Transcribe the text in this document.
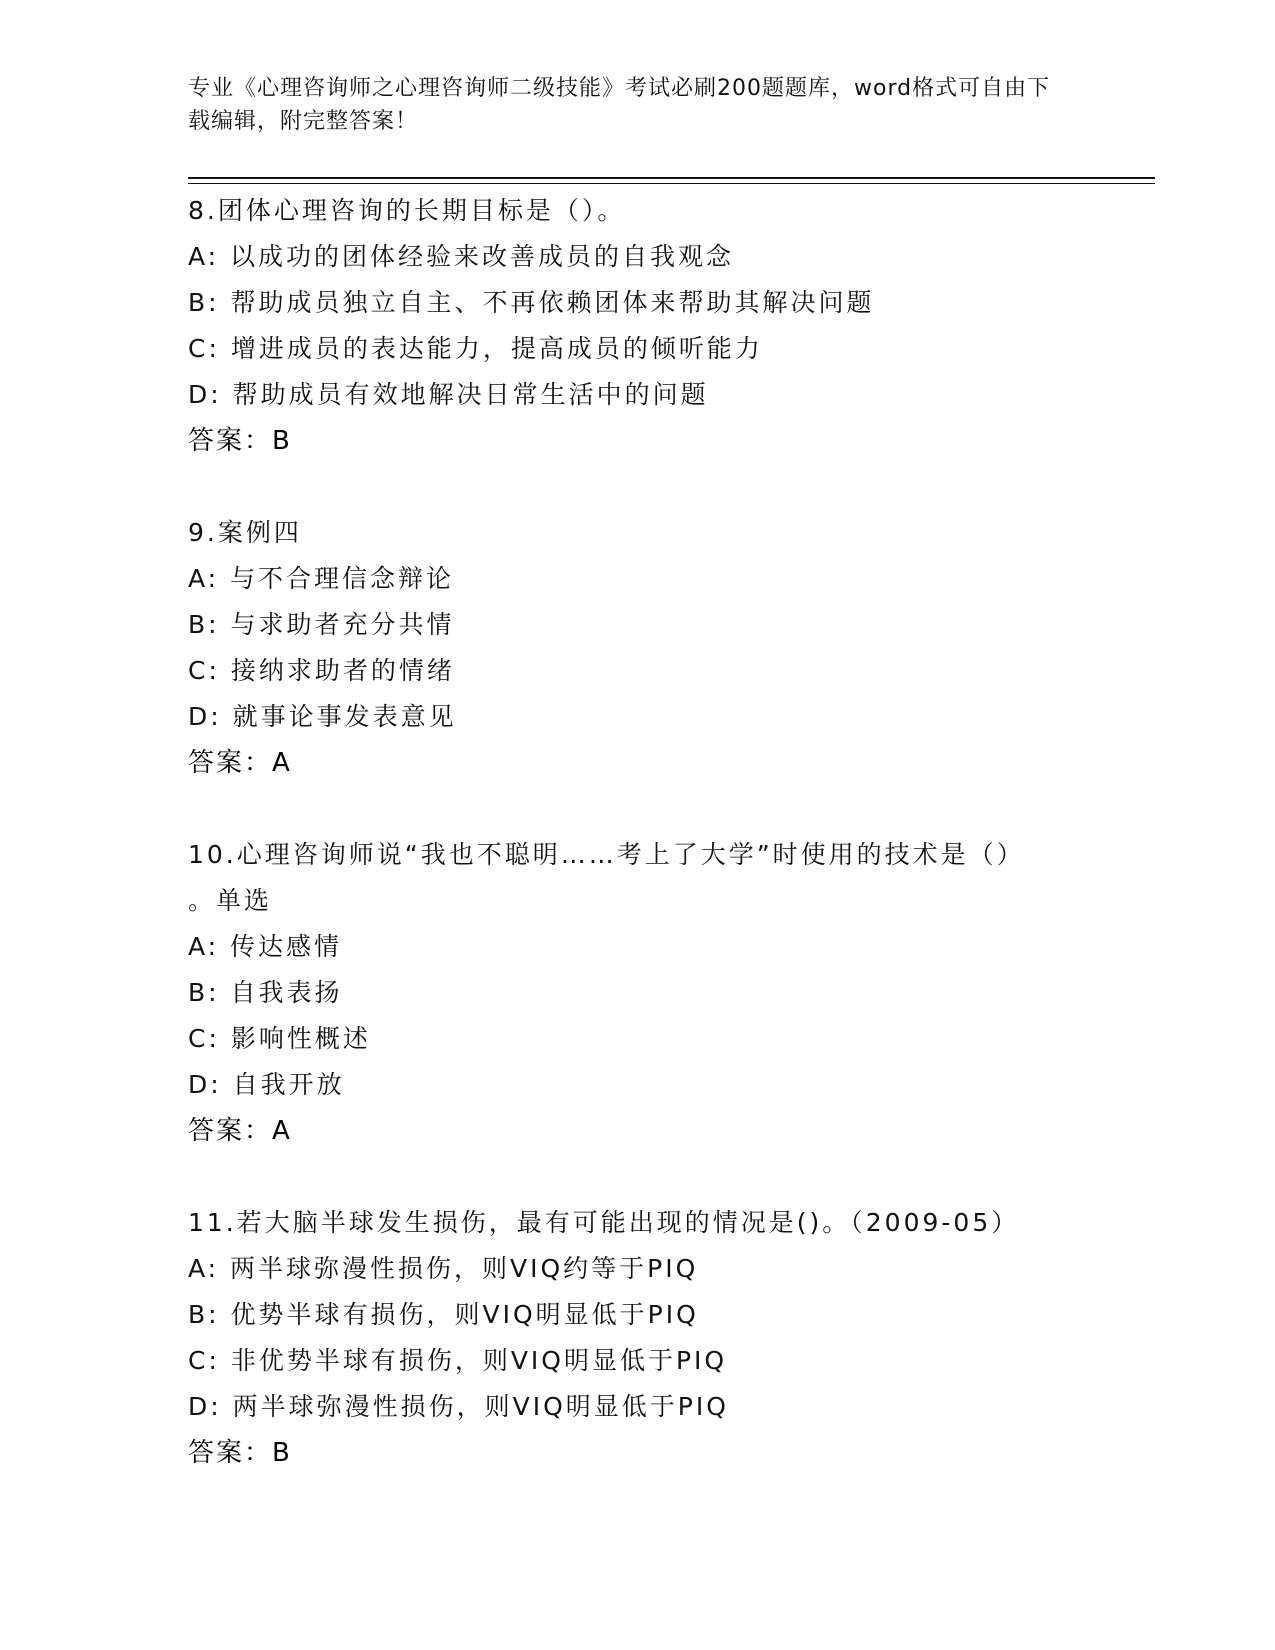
专业《心理咨询师之心理咨询师二级技能》考试必刷200题题库，word格式可自由下载编辑，附完整答案！
8.团体心理咨询的长期目标是（）。
A: 以成功的团体经验来改善成员的自我观念
B: 帮助成员独立自主、不再依赖团体来帮助其解决问题
C: 增进成员的表达能力，提高成员的倾听能力
D: 帮助成员有效地解决日常生活中的问题
答案：B
9.案例四
A: 与不合理信念辩论
B: 与求助者充分共情
C: 接纳求助者的情绪
D: 就事论事发表意见
答案：A
10.心理咨询师说“我也不聪明……考上了大学”时使用的技术是（）
。单选
A: 传达感情
B: 自我表扬
C: 影响性概述
D: 自我开放
答案：A
11.若大脑半球发生损伤，最有可能出现的情况是()。（2009-05）
A: 两半球弥漫性损伤，则VIQ约等于PIQ
B: 优势半球有损伤，则VIQ明显低于PIQ
C: 非优势半球有损伤，则VIQ明显低于PIQ
D: 两半球弥漫性损伤，则VIQ明显低于PIQ
答案：B
